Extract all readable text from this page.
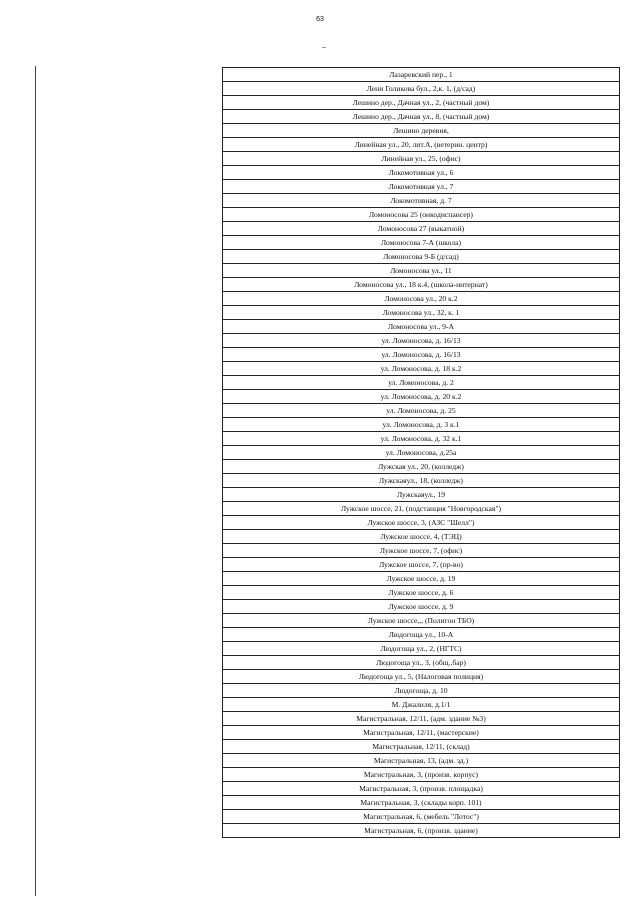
63
Лазаревский пер., 1
Лени Голикова бул., 2,к. 1, (д/сад)
Лешино дер., Дачная ул., 2, (частный дом)
Лешино дер., Дачная ул., 8, (частный дом)
Лешино деревня,
Линейная ул., 20, лит.А, (ветерин. центр)
Линейная ул., 25, (офис)
Локомотивная ул., 6
Локомотивная ул., 7
Локомотивная, д. 7
Ломоносова 25 (онкодиспансер)
Ломоносова 27 (выкатной)
Ломоносова 7-А (школа)
Ломоносова 9-Б (д/сад)
Ломоносова ул., 11
Ломоносова ул., 18 к.4, (школа-интернат)
Ломоносова ул., 20 к.2
Ломоносова ул., 32, к. 1
Ломоносова ул., 9-А
ул. Ломоносова, д. 16/13
ул. Ломоносова, д. 16/13
ул. Ломоносова, д. 18 к.2
ул. Ломоносова, д. 2
ул. Ломоносова, д. 20 к.2
ул. Ломоносова, д. 25
ул. Ломоносова, д. 3 к.1
ул. Ломоносова, д. 32 к.1
ул. Ломоносова, д.25а
Лужская ул., 20, (колледж)
Лужскаяул., 18, (колледж)
Лужскаяул., 19
Лужское шоссе, 21, (подстанция "Новгородская")
Лужское шоссе, 3, (АЗС "Шелл")
Лужское шоссе, 4, (ТЭЦ)
Лужское шоссе, 7, (офис)
Лужское шоссе, 7, (пр-во)
Лужское шоссе, д. 19
Лужское шоссе, д. 6
Лужское шоссе, д. 9
Лужское шоссе,,, (Полигон ТБО)
Людогоща ул., 10-А
Людогоща ул., 2, (НГТС)
Людогоща ул., 3, (общ.,бар)
Людогоща ул., 5, (Налоговая полиция)
Людогоща, д. 10
М. Джалиля, д.1/1
Магистральная, 12/11, (адм. здание №3)
Магистральная, 12/11, (мастерские)
Магистральная, 12/11, (склад)
Магистральная, 13, (адм. зд.)
Магистральная, 3, (произв. корпус)
Магистральная, 3, (произв. площадка)
Магистральная, 3, (склады корп. 101)
Магистральная, 6, (мебель "Лотос")
Магистральная, 6, (произв. здание)
